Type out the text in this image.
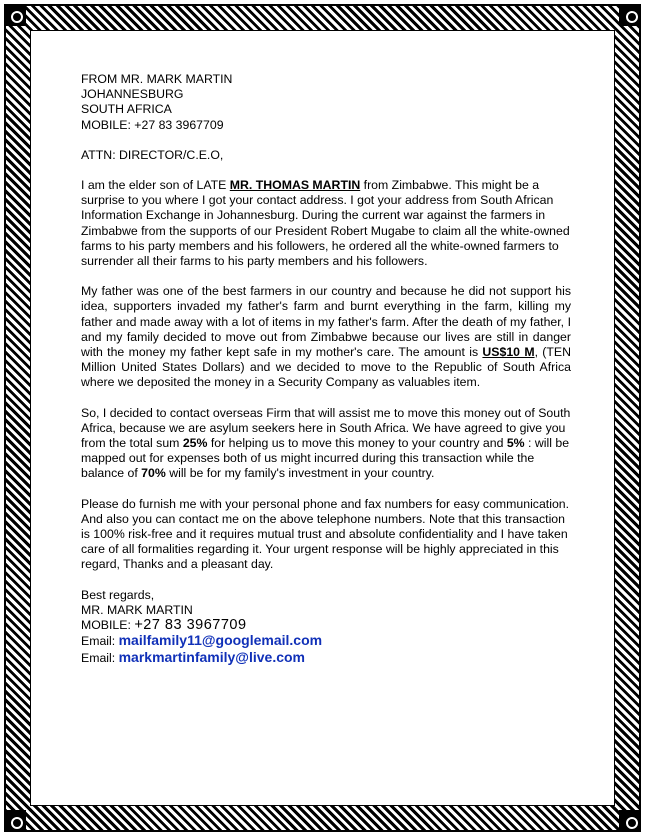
FROM MR. MARK MARTIN

JOHANNESBURG

SOUTH AFRICA

MOBILE: +27 83 3967709

ATTN: DIRECTOR/C.E.O,

I am the elder son of LATE MR. THOMAS MARTIN from Zimbabwe. This might be a surprise to you where I got your contact address. I got your address from South African Information Exchange in Johannesburg. During the current war against the farmers in Zimbabwe from the supports of our President Robert Mugabe to claim all the white-owned farms to his party members and his followers, he ordered all the white-owned farmers to surrender all their farms to his party members and his followers.

My father was one of the best farmers in our country and because he did not support his idea, supporters invaded my father's farm and burnt everything in the farm, killing my father and made away with a lot of items in my father's farm. After the death of my father, I and my family decided to move out from Zimbabwe because our lives are still in danger with the money my father kept safe in my mother's care. The amount is US$10 M, (TEN Million United States Dollars) and we decided to move to the Republic of South Africa where we deposited the money in a Security Company as valuables item.

So, I decided to contact overseas Firm that will assist me to move this money out of South Africa, because we are asylum seekers here in South Africa. We have agreed to give you from the total sum 25% for helping us to move this money to your country and 5% : will be mapped out for expenses both of us might incurred during this transaction while the balance of 70% will be for my family's investment in your country.

Please do furnish me with your personal phone and fax numbers for easy communication. And also you can contact me on the above telephone numbers. Note that this transaction is 100% risk-free and it requires mutual trust and absolute confidentiality and I have taken care of all formalities regarding it. Your urgent response will be highly appreciated in this regard, Thanks and a pleasant day.

Best regards,

MR. MARK MARTIN

MOBILE: +27 83 3967709

Email: mailfamily11@googlemail.com

Email: markmartinfamily@live.com
